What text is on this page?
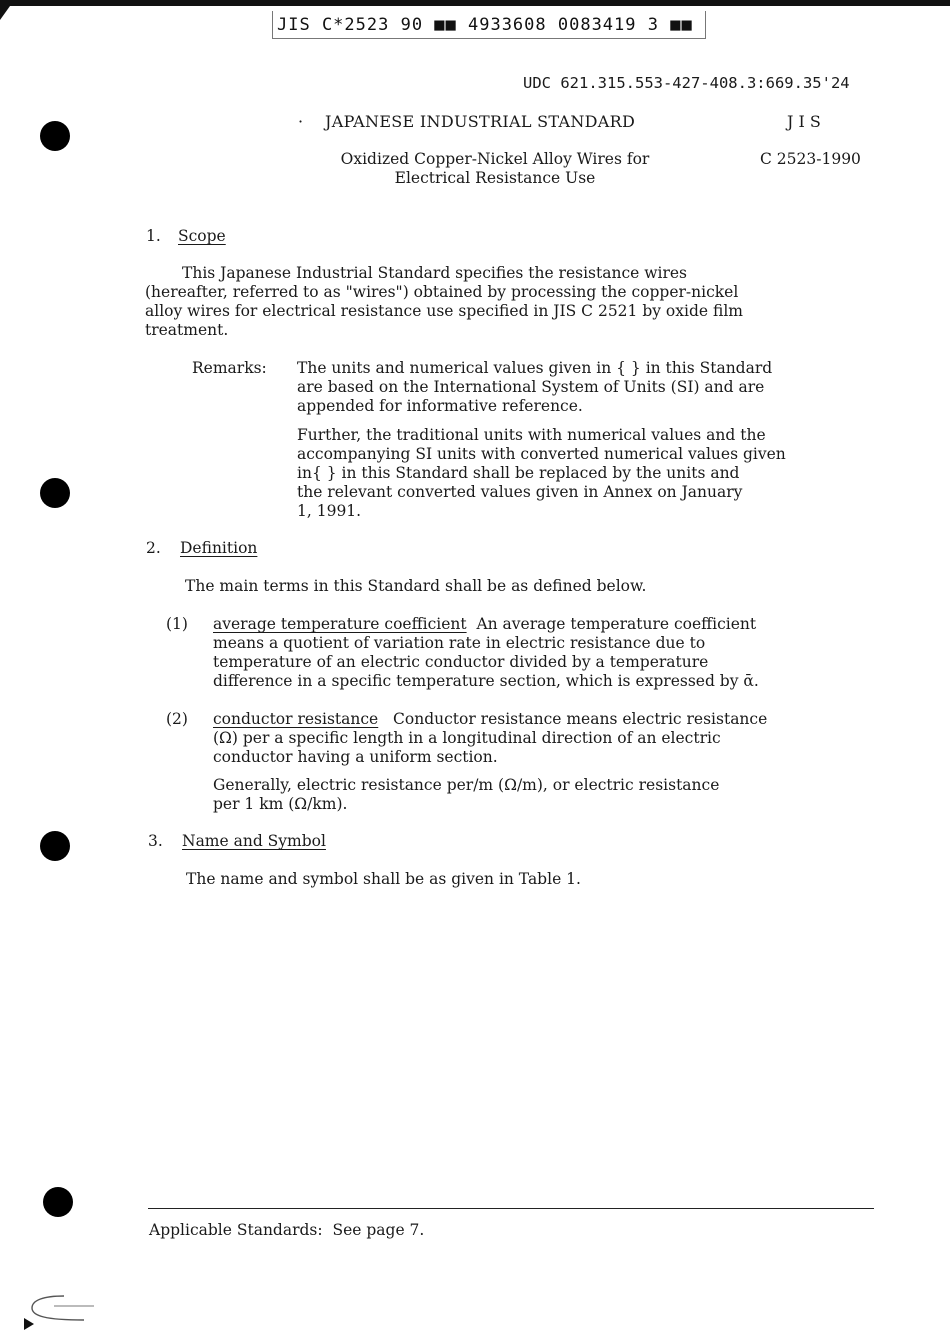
JIS C*2523 90 ■■ 4933608 0083419 3 ■■
UDC 621.315.553-427-408.3:669.35'24
· JAPANESE INDUSTRIAL STANDARD	J I S
Oxidized Copper-Nickel Alloy Wires for
Electrical Resistance Use
C 2523-1990
1. Scope
This Japanese Industrial Standard specifies the resistance wires
(hereafter, referred to as "wires") obtained by processing the copper-nickel
alloy wires for electrical resistance use specified in JIS C 2521 by oxide film
treatment.
Remarks: The units and numerical values given in { } in this Standard
are based on the International System of Units (SI) and are
appended for informative reference.
Further, the traditional units with numerical values and the
accompanying SI units with converted numerical values given
in{ } in this Standard shall be replaced by the units and
the relevant converted values given in Annex on January
1, 1991.
2. Definition
The main terms in this Standard shall be as defined below.
(1) average temperature coefficient An average temperature coefficient
means a quotient of variation rate in electric resistance due to
temperature of an electric conductor divided by a temperature
difference in a specific temperature section, which is expressed by ᾱ.
(2) conductor resistance Conductor resistance means electric resistance
(Ω) per a specific length in a longitudinal direction of an electric
conductor having a uniform section.
Generally, electric resistance per/m (Ω/m), or electric resistance
per 1 km (Ω/km).
3. Name and Symbol
The name and symbol shall be as given in Table 1.
Applicable Standards: See page 7.
